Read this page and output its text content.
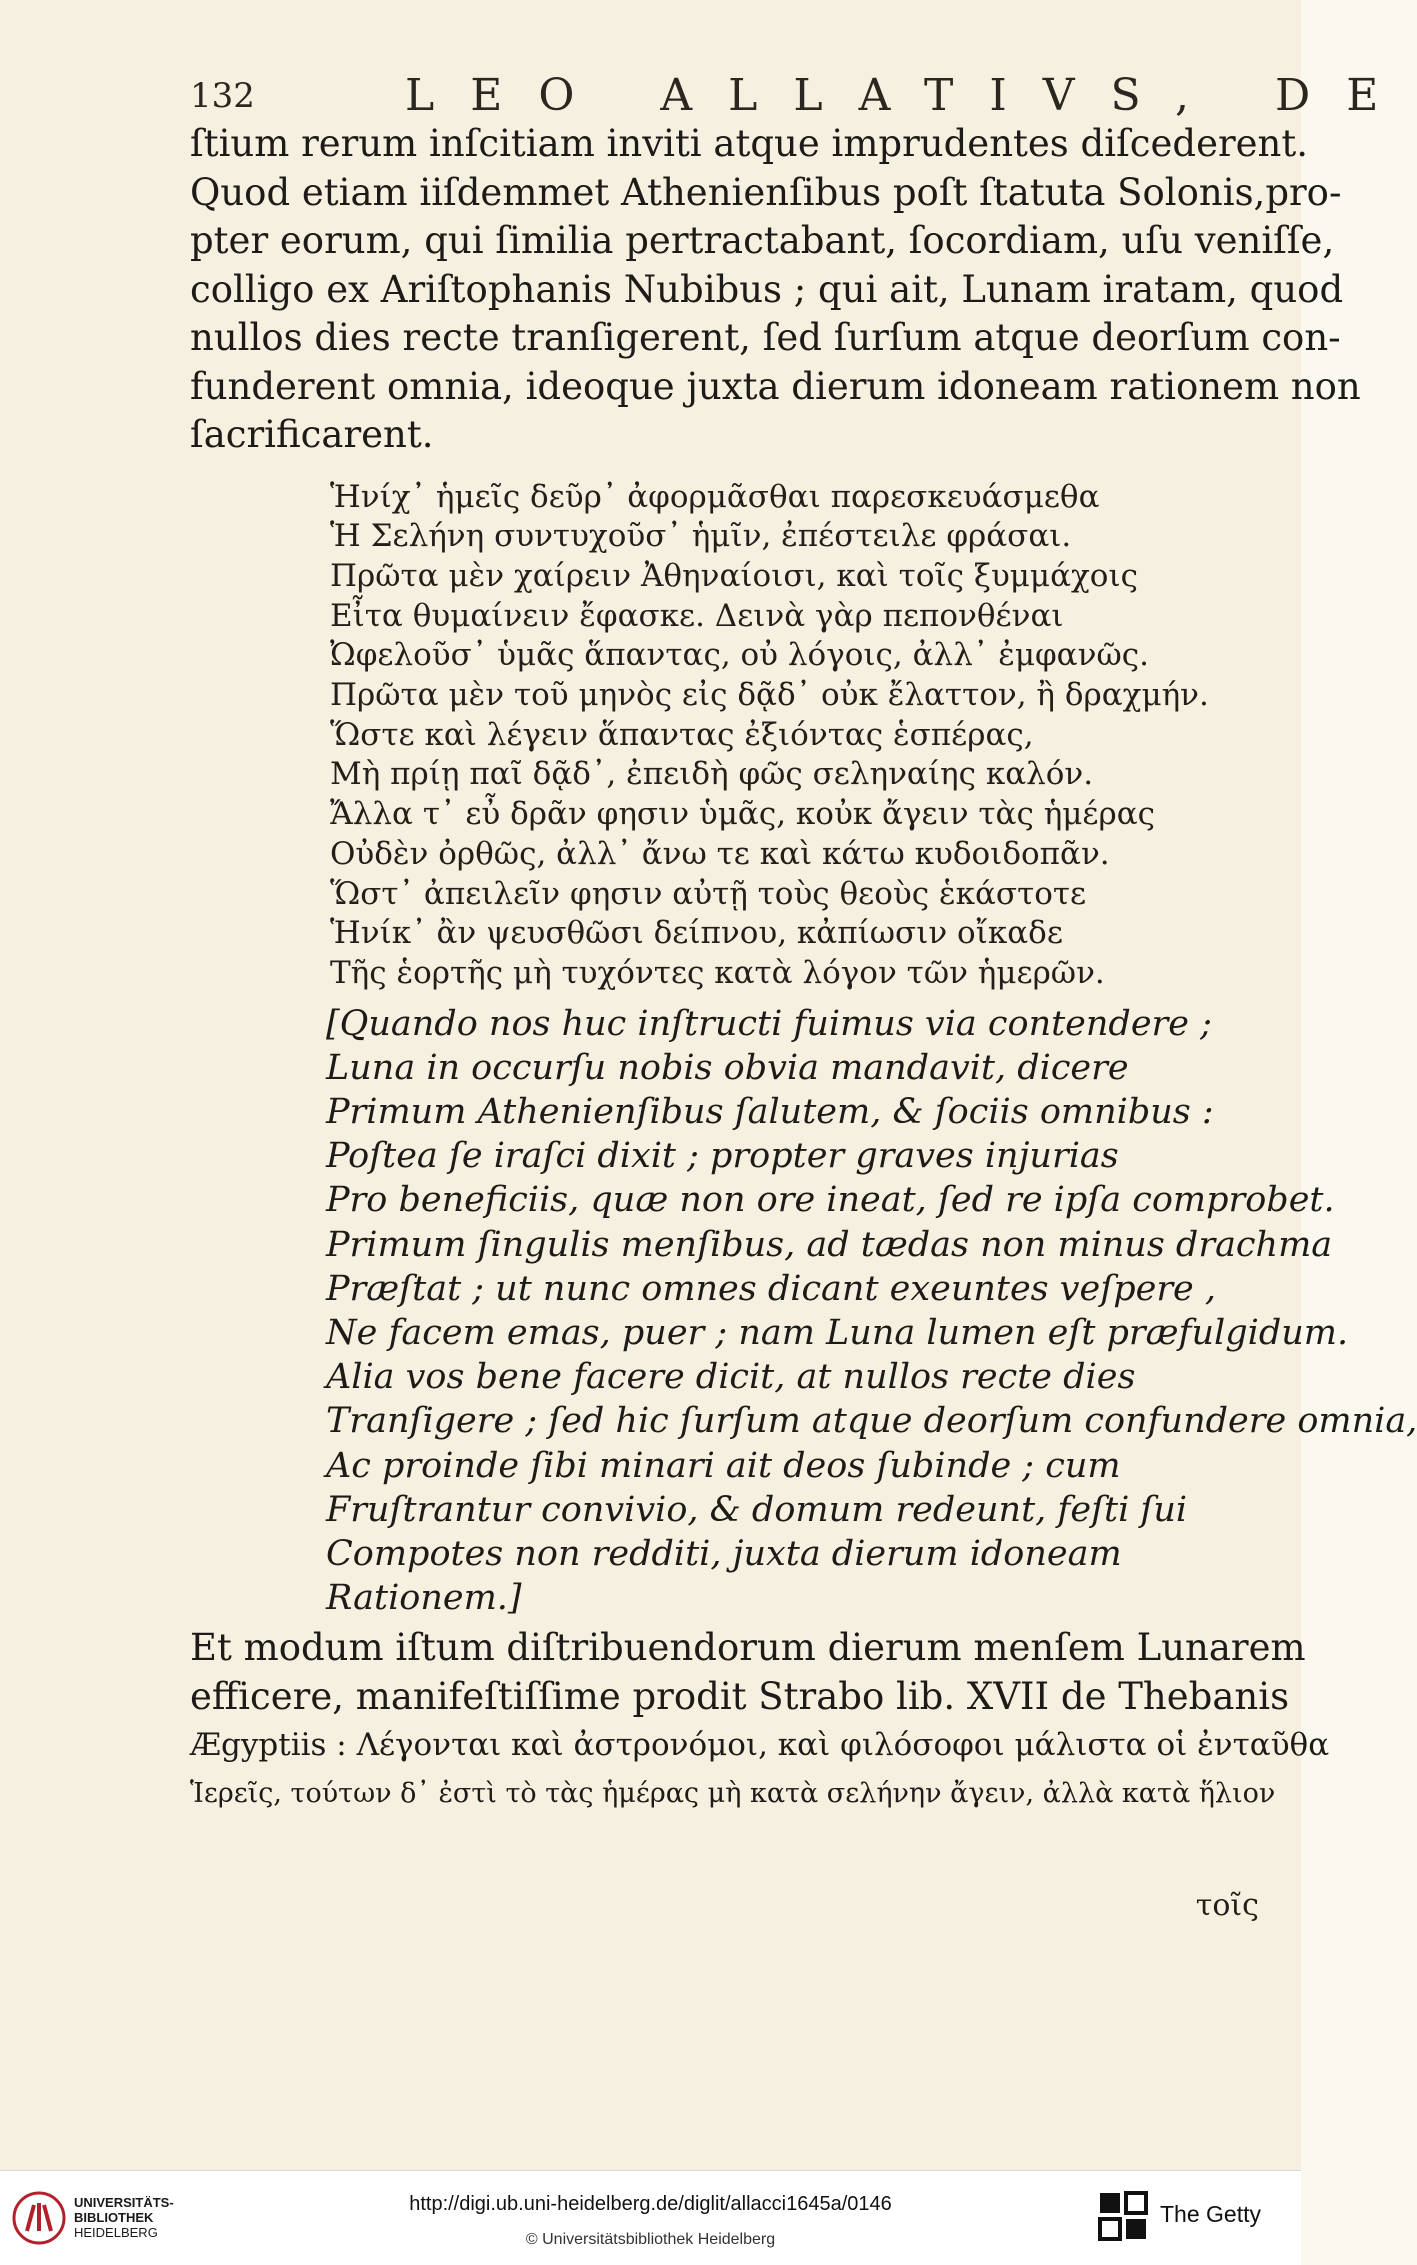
132	LEO ALLATIVS, DE
ſtium rerum inſcitiam inviti atque imprudentes diſcederent.
Quod etiam iiſdemmet Athenienſibus poſt ſtatuta Solonis,pro-
pter eorum, qui ſimilia pertractabant, ſocordiam, uſu veniſſe,
colligo ex Ariſtophanis Nubibus ; qui ait, Lunam iratam, quod
nullos dies recte tranſigerent, ſed ſurſum atque deorſum con-
funderent omnia, ideoque juxta dierum idoneam rationem non
ſacrificarent.
Ἡνίχ᾽ ἡμεῖς δεῦρ᾽ ἀφορμᾶσθαι παρεσκευάσμεθα
Ἡ Σελήνη συντυχοῦσ᾽ ἡμῖν, ἐπέστειλε φράσαι.
Πρῶτα μὲν χαίρειν Ἀθηναίοισι, καὶ τοῖς ξυμμάχοις
Εἶτα θυμαίνειν ἔφασκε. Δεινὰ γὰρ πεπονθέναι
Ὠφελοῦσ᾽ ὑμᾶς ἅπαντας, οὐ λόγοις, ἀλλ᾽ ἐμφανῶς.
Πρῶτα μὲν τοῦ μηνὸς εἰς δᾷδ᾽ οὐκ ἔλαττον, ἢ δραχμήν.
Ὥστε καὶ λέγειν ἅπαντας ἐξιόντας ἑσπέρας,
Μὴ πρίῃ παῖ δᾷδ᾽, ἐπειδὴ φῶς σεληναίης καλόν.
Ἄλλα τ᾽ εὖ δρᾶν φησιν ὑμᾶς, κοὐκ ἄγειν τὰς ἡμέρας
Οὐδὲν ὀρθῶς, ἀλλ᾽ ἄνω τε καὶ κάτω κυδοιδοπᾶν.
Ὥστ᾽ ἀπειλεῖν φησιν αὐτῇ τοὺς θεοὺς ἑκάστοτε
Ἡνίκ᾽ ἂν ψευσθῶσι δείπνου, κἀπίωσιν οἴκαδε
Τῆς ἑορτῆς μὴ τυχόντες κατὰ λόγον τῶν ἡμερῶν.
[Quando nos huc inſtructi fuimus via contendere ;
Luna in occurſu nobis obvia mandavit, dicere
Primum Athenienſibus ſalutem, & ſociis omnibus :
Poſtea ſe iraſci dixit ; propter graves injurias
Pro beneficiis, quæ non ore ineat, ſed re ipſa comprobet.
Primum ſingulis menſibus, ad tædas non minus drachma
Præſtat ; ut nunc omnes dicant exeuntes veſpere ,
Ne facem emas, puer ; nam Luna lumen eſt præfulgidum.
Alia vos bene facere dicit, at nullos recte dies
Tranſigere ; ſed hic ſurſum atque deorſum confundere omnia,
Ac proinde ſibi minari ait deos ſubinde ; cum
Fruſtrantur convivio, & domum redeunt, feſti ſui
Compotes non redditi, juxta dierum idoneam
Rationem.]
Et modum iſtum diſtribuendorum dierum menſem Lunarem
efficere, manifeſtiſſime prodit Strabo lib. XVII de Thebanis
Ægyptiis : Λέγονται καὶ ἀστρονόμοι, καὶ φιλόσοφοι μάλιστα οἱ ἐνταῦθα
Ἱερεῖς, τούτων δ᾽ ἐστὶ τὸ τὰς ἡμέρας μὴ κατὰ σελήνην ἄγειν, ἀλλὰ κατὰ ἥλιον
τοῖς
UNIVERSITÄTS-
BIBLIOTHEK
HEIDELBERG
http://digi.ub.uni-heidelberg.de/diglit/allacci1645a/0146
© Universitätsbibliothek Heidelberg
The Getty
